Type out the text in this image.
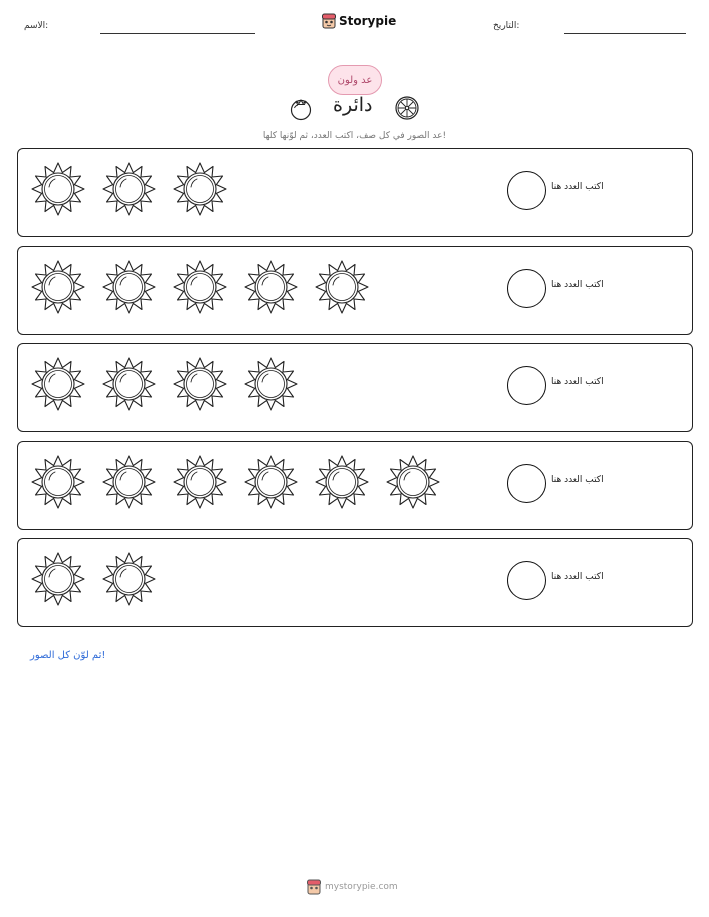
الاسم:	Storypie	التاريخ:
عد ولون
دائرة
عد الصور في كل صف، اكتب العدد، ثم لوّنها كلها!
اكتب العدد هنا
اكتب العدد هنا
اكتب العدد هنا
اكتب العدد هنا
اكتب العدد هنا
ثم لوّن كل الصور!
mystorypie.com
